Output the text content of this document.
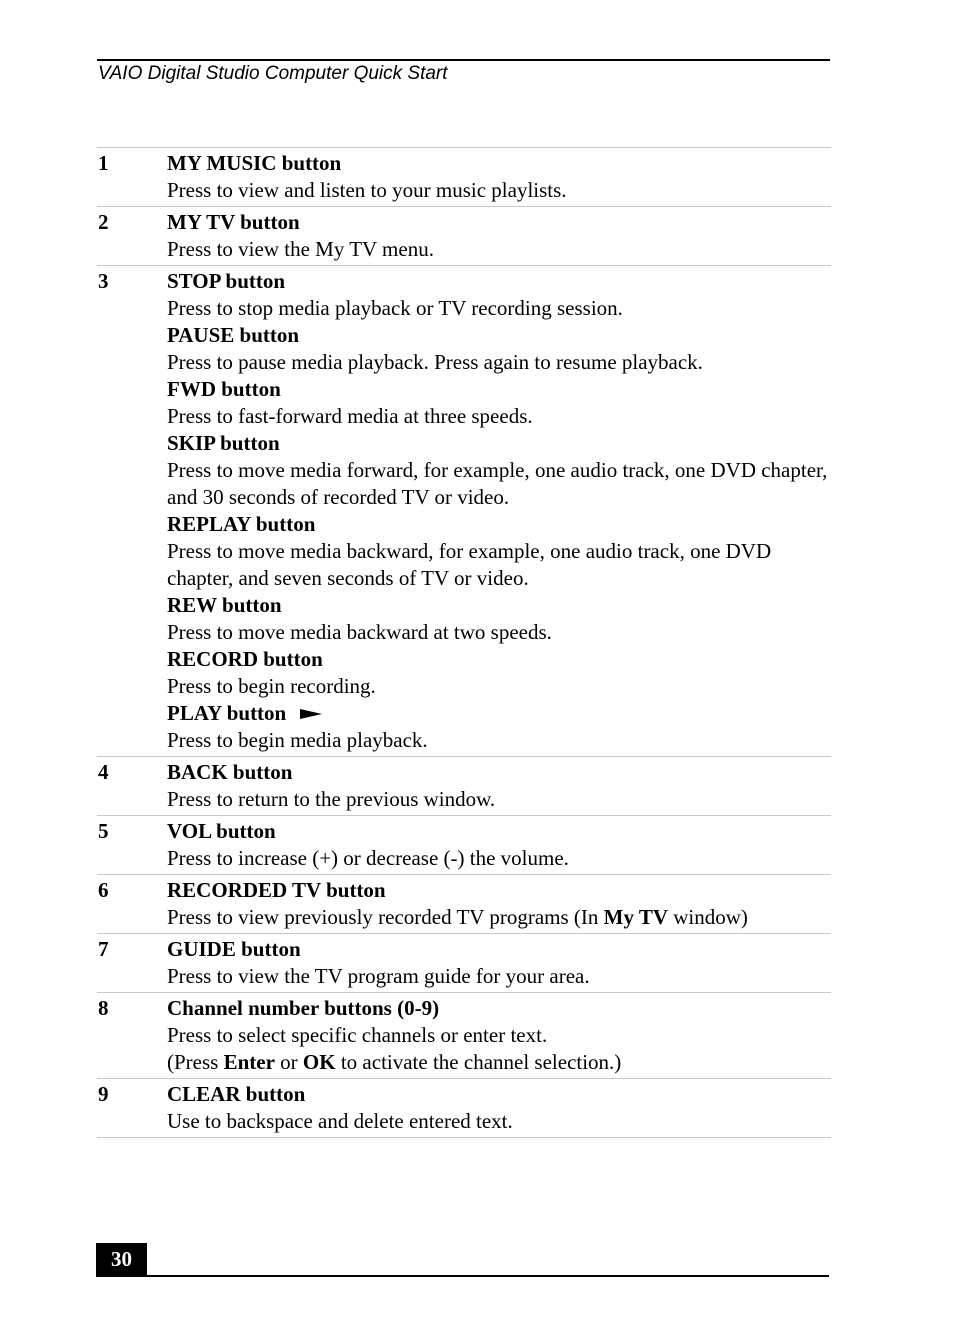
VAIO Digital Studio Computer Quick Start
1	MY MUSIC button
Press to view and listen to your music playlists.
2	MY TV button
Press to view the My TV menu.
3	STOP button
Press to stop media playback or TV recording session.
PAUSE button
Press to pause media playback. Press again to resume playback.
FWD button
Press to fast-forward media at three speeds.
SKIP button
Press to move media forward, for example, one audio track, one DVD chapter, and 30 seconds of recorded TV or video.
REPLAY button
Press to move media backward, for example, one audio track, one DVD chapter, and seven seconds of TV or video.
REW button
Press to move media backward at two speeds.
RECORD button
Press to begin recording.
PLAY button
Press to begin media playback.
4	BACK button
Press to return to the previous window.
5	VOL button
Press to increase (+) or decrease (-) the volume.
6	RECORDED TV button
Press to view previously recorded TV programs (In My TV window)
7	GUIDE button
Press to view the TV program guide for your area.
8	Channel number buttons (0-9)
Press to select specific channels or enter text.
(Press Enter or OK to activate the channel selection.)
9	CLEAR button
Use to backspace and delete entered text.
30
